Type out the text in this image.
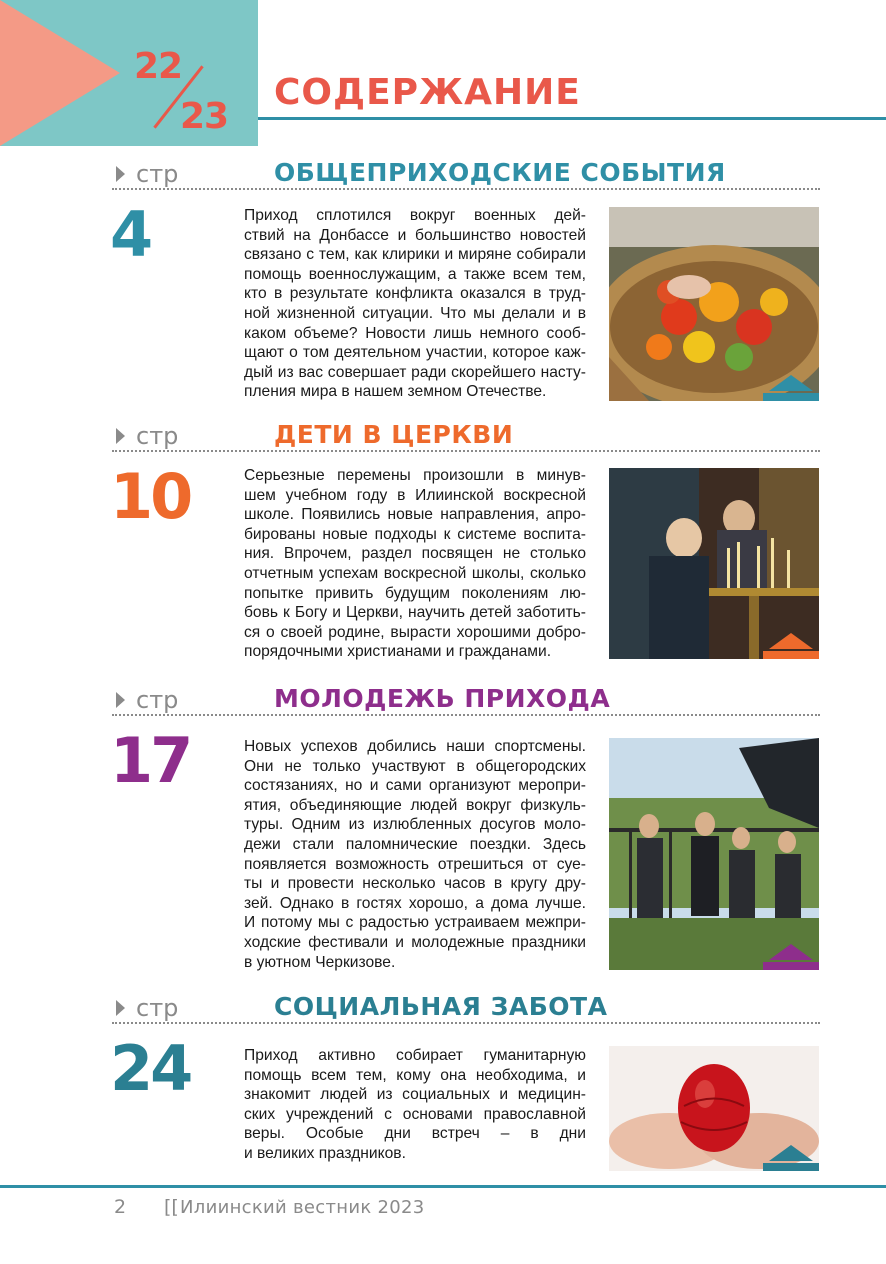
22
23
СОДЕРЖАНИЕ
стр	ОБЩЕПРИХОДСКИЕ СОБЫТИЯ
4	Приход сплотился вокруг военных дей-
ствий на Донбассе и большинство новостей
связано с тем, как клирики и миряне собирали
помощь военнослужащим, а также всем тем,
кто в результате конфликта оказался в труд-
ной жизненной ситуации. Что мы делали и в
каком объеме? Новости лишь немного сооб-
щают о том деятельном участии, которое каж-
дый из вас совершает ради скорейшего насту-
пления мира в нашем земном Отечестве.
стр	ДЕТИ В ЦЕРКВИ
10	Серьезные перемены произошли в минув-
шем учебном году в Илиинской воскресной
школе. Появились новые направления, апро-
бированы новые подходы к системе воспита-
ния. Впрочем, раздел посвящен не столько
отчетным успехам воскресной школы, сколько
попытке привить будущим поколениям лю-
бовь к Богу и Церкви, научить детей заботить-
ся о своей родине, вырасти хорошими добро-
порядочными христианами и гражданами.
стр	МОЛОДЕЖЬ ПРИХОДА
17	Новых успехов добились наши спортсмены.
Они не только участвуют в общегородских
состязаниях, но и сами организуют меропри-
ятия, объединяющие людей вокруг физкуль-
туры. Одним из излюбленных досугов моло-
дежи стали паломнические поездки. Здесь
появляется возможность отрешиться от суе-
ты и провести несколько часов в кругу дру-
зей. Однако в гостях хорошо, а дома лучше.
И потому мы с радостью устраиваем межпри-
ходские фестивали и молодежные праздники
в уютном Черкизове.
стр	СОЦИАЛЬНАЯ ЗАБОТА
24	Приход активно собирает гуманитарную
помощь всем тем, кому она необходима, и
знакомит людей из социальных и медицин-
ских учреждений с основами православной
веры. Особые дни встреч – в дни
и великих праздников.
2 [[ Илиинский вестник 2023
